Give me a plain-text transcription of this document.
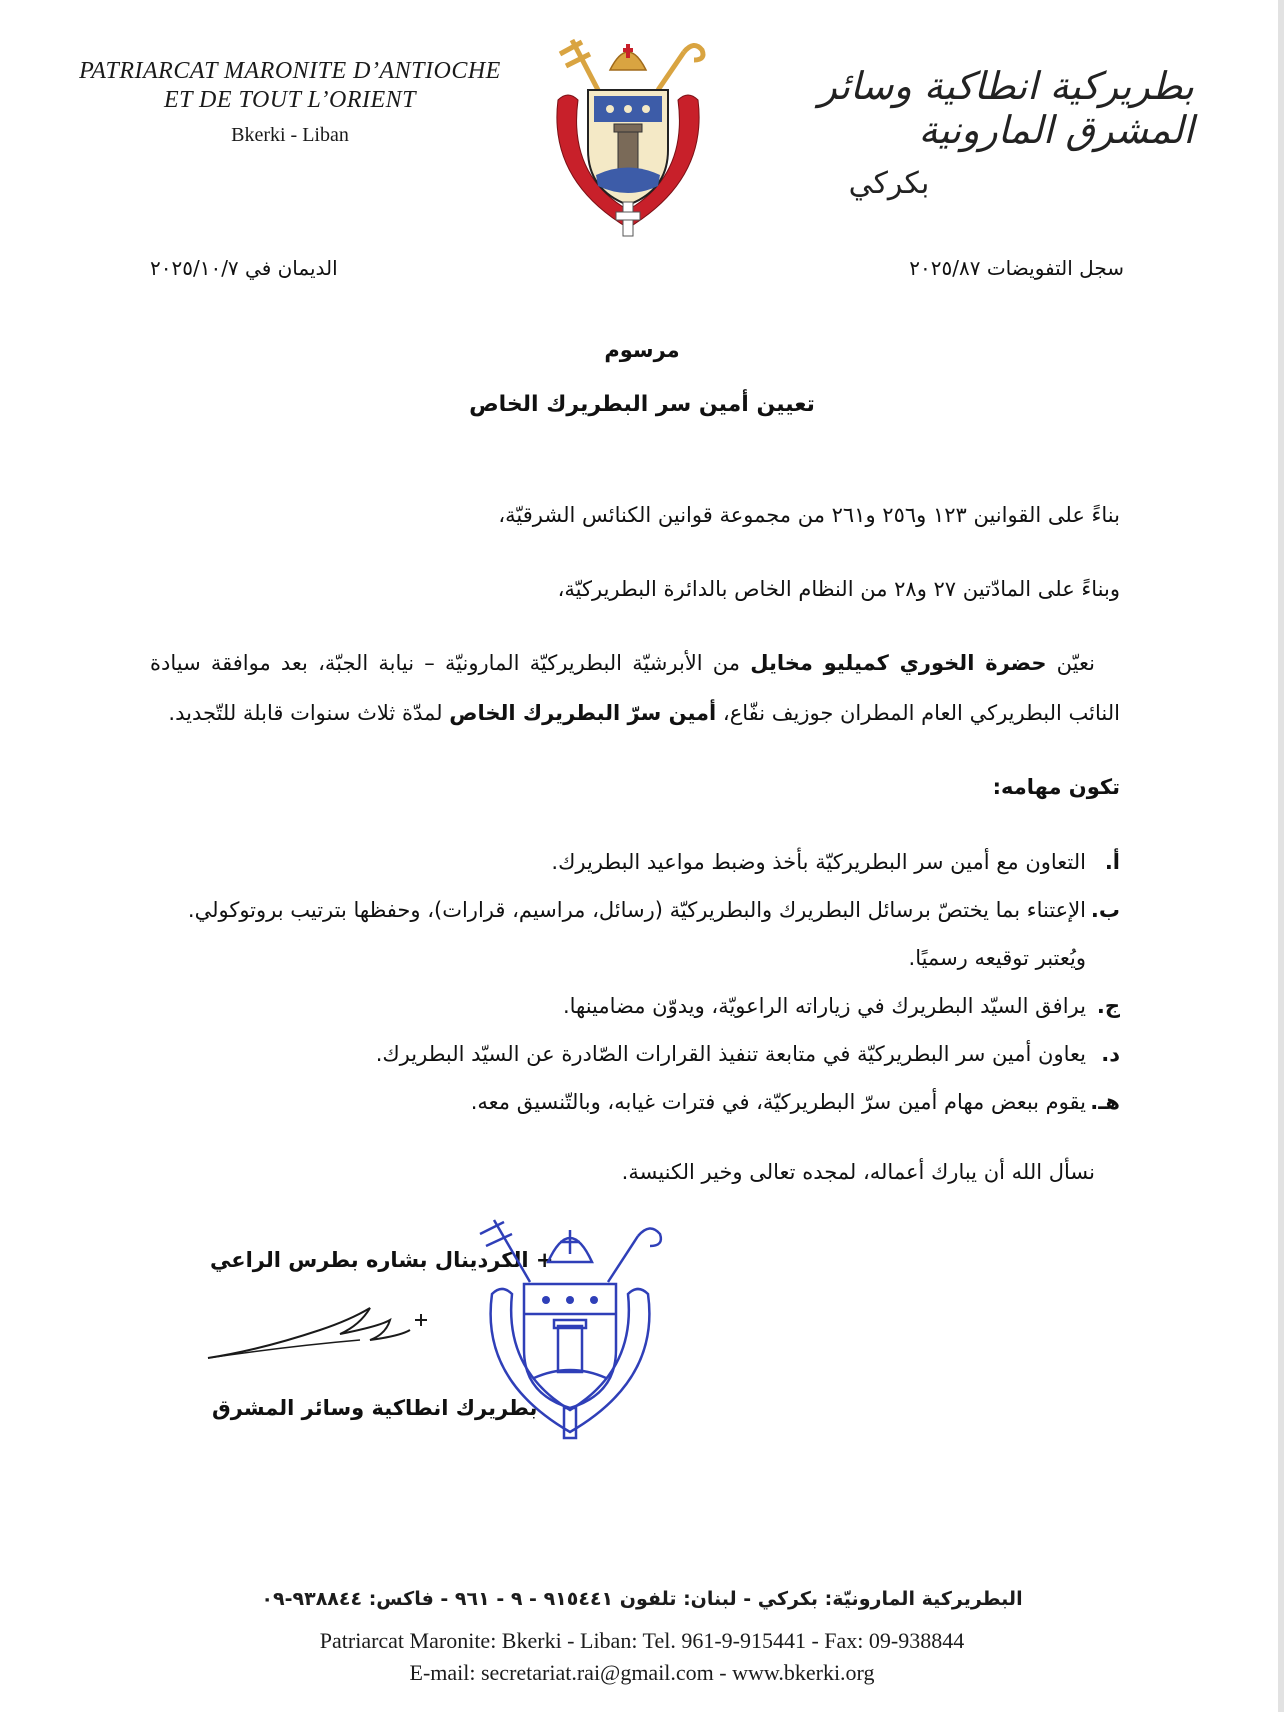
PATRIARCAT MARONITE D’ANTIOCHE
ET DE TOUT L’ORIENT
Bkerki - Liban
بطريركية انطاكية وسائر المشرق المارونية
بكركي
الديمان في ٢٠٢٥/١٠/٧	سجل التفويضات ٢٠٢٥/٨٧
مرسوم
تعيين أمين سر البطريرك الخاص
بناءً على القوانين ١٢٣ و٢٥٦ و٢٦١ من مجموعة قوانين الكنائس الشرقيّة،
وبناءً على المادّتين ٢٧ و٢٨ من النظام الخاص بالدائرة البطريركيّة،
نعيّن حضرة الخوري كميليو مخايل من الأبرشيّة البطريركيّة المارونيّة – نيابة الجبّة، بعد موافقة سيادة النائب البطريركي العام المطران جوزيف نفّاع، أمين سرّ البطريرك الخاص لمدّة ثلاث سنوات قابلة للتّجديد.
تكون مهامه:
أ.
التعاون مع أمين سر البطريركيّة بأخذ وضبط مواعيد البطريرك.
ب.
الإعتناء بما يختصّ برسائل البطريرك والبطريركيّة (رسائل، مراسيم، قرارات)، وحفظها بترتيب بروتوكولي. ويُعتبر توقيعه رسميًا.
ج.
يرافق السيّد البطريرك في زياراته الراعويّة، ويدوّن مضامينها.
د.
يعاون أمين سر البطريركيّة في متابعة تنفيذ القرارات الصّادرة عن السيّد البطريرك.
هـ.
يقوم ببعض مهام أمين سرّ البطريركيّة، في فترات غيابه، وبالتّنسيق معه.
نسأل الله أن يبارك أعماله، لمجده تعالى وخير الكنيسة.
+ الكردينال بشاره بطرس الراعي
بطريرك انطاكية وسائر المشرق
البطريركية المارونيّة: بكركي - لبنان: تلفون ٩١٥٤٤١ - ٩ - ٩٦١ - فاكس: ٩٣٨٨٤٤-٠٩
Patriarcat Maronite: Bkerki - Liban: Tel. 961-9-915441 - Fax: 09-938844
E-mail: secretariat.rai@gmail.com - www.bkerki.org
